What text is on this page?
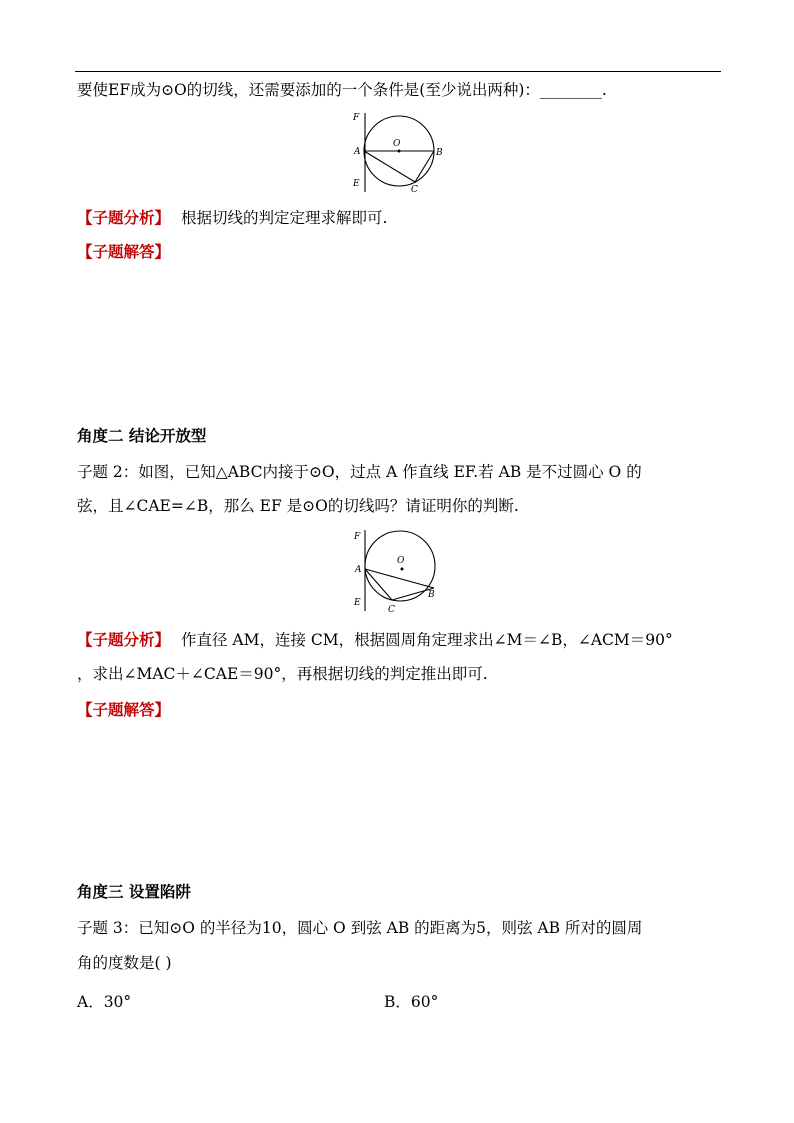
要使EF成为⊙O的切线，还需要添加的一个条件是(至少说出两种)：________.
F
A
E
O
B
C
【子题分析】 根据切线的判定定理求解即可.
【子题解答】
角度二 结论开放型
子题 2：如图，已知△ABC内接于⊙O，过点 A 作直线 EF.若 AB 是不过圆心 O 的
弦，且∠CAE=∠B，那么 EF 是⊙O的切线吗？请证明你的判断.
F
A
E
O
B
C
【子题分析】 作直径 AM，连接 CM，根据圆周角定理求出∠M＝∠B，∠ACM＝90°
，求出∠MAC＋∠CAE＝90°，再根据切线的判定推出即可.
【子题解答】
角度三 设置陷阱
子题 3：已知⊙O 的半径为10，圆心 O 到弦 AB 的距离为5，则弦 AB 所对的圆周
角的度数是( )
A．30°	B．60°
